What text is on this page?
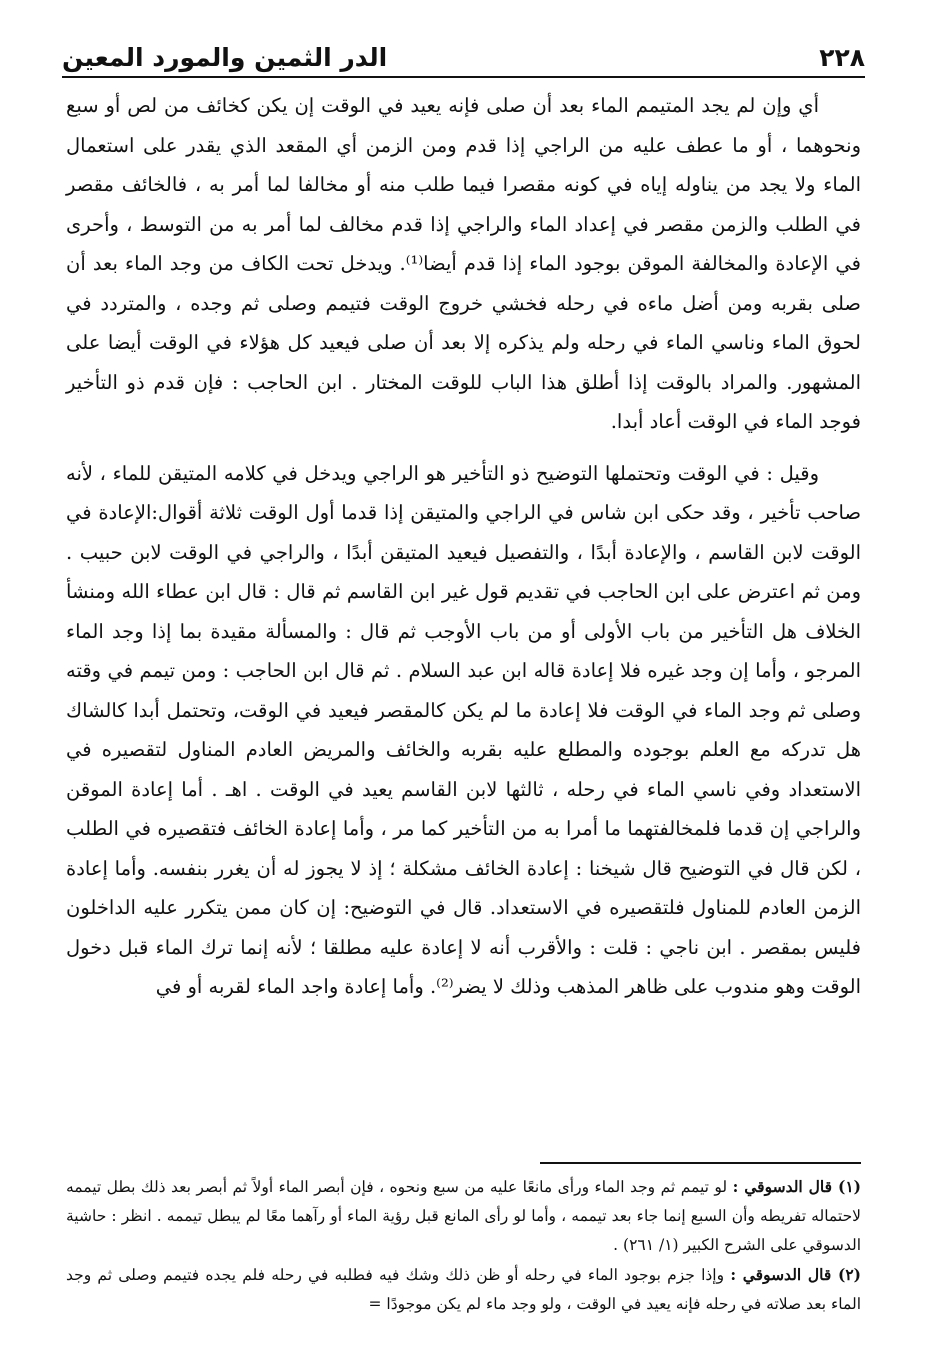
الدر الثمين والمورد المعين	٢٢٨

أي وإن لم يجد المتيمم الماء بعد أن صلى فإنه يعيد في الوقت إن يكن كخائف من لص أو سبع ونحوهما ، أو ما عطف عليه من الراجي إذا قدم ومن الزمن أي المقعد الذي يقدر على استعمال الماء ولا يجد من يناوله إياه في كونه مقصرا فيما طلب منه أو مخالفا لما أمر به ، فالخائف مقصر في الطلب والزمن مقصر في إعداد الماء والراجي إذا قدم مخالف لما أمر به من التوسط ، وأحرى في الإعادة والمخالفة الموقن بوجود الماء إذا قدم أيضا⁽¹⁾. ويدخل تحت الكاف من وجد الماء بعد أن صلى بقربه ومن أضل ماءه في رحله فخشي خروج الوقت فتيمم وصلى ثم وجده ، والمتردد في لحوق الماء وناسي الماء في رحله ولم يذكره إلا بعد أن صلى فيعيد كل هؤلاء في الوقت أيضا على المشهور. والمراد بالوقت إذا أطلق هذا الباب للوقت المختار . ابن الحاجب : فإن قدم ذو التأخير فوجد الماء في الوقت أعاد أبدا.

وقيل : في الوقت وتحتملها التوضيح ذو التأخير هو الراجي ويدخل في كلامه المتيقن للماء ، لأنه صاحب تأخير ، وقد حكى ابن شاس في الراجي والمتيقن إذا قدما أول الوقت ثلاثة أقوال:الإعادة في الوقت لابن القاسم ، والإعادة أبدًا ، والتفصيل فيعيد المتيقن أبدًا ، والراجي في الوقت لابن حبيب . ومن ثم اعترض على ابن الحاجب في تقديم قول غير ابن القاسم ثم قال : قال ابن عطاء الله ومنشأ الخلاف هل التأخير من باب الأولى أو من باب الأوجب ثم قال : والمسألة مقيدة بما إذا وجد الماء المرجو ، وأما إن وجد غيره فلا إعادة قاله ابن عبد السلام . ثم قال ابن الحاجب : ومن تيمم في وقته وصلى ثم وجد الماء في الوقت فلا إعادة ما لم يكن كالمقصر فيعيد في الوقت، وتحتمل أبدا كالشاك هل تدركه مع العلم بوجوده والمطلع عليه بقربه والخائف والمريض العادم المناول لتقصيره في الاستعداد وفي ناسي الماء في رحله ، ثالثها لابن القاسم يعيد في الوقت . اهـ . أما إعادة الموقن والراجي إن قدما فلمخالفتهما ما أمرا به من التأخير كما مر ، وأما إعادة الخائف فتقصيره في الطلب ، لكن قال في التوضيح قال شيخنا : إعادة الخائف مشكلة ؛ إذ لا يجوز له أن يغرر بنفسه. وأما إعادة الزمن العادم للمناول فلتقصيره في الاستعداد. قال في التوضيح: إن كان ممن يتكرر عليه الداخلون فليس بمقصر . ابن ناجي : قلت : والأقرب أنه لا إعادة عليه مطلقا ؛ لأنه إنما ترك الماء قبل دخول الوقت وهو مندوب على ظاهر المذهب وذلك لا يضر⁽²⁾. وأما إعادة واجد الماء لقربه أو في

(١) قال الدسوقي : لو تيمم ثم وجد الماء ورأى مانعًا عليه من سبع ونحوه ، فإن أبصر الماء أولاً ثم أبصر بعد ذلك بطل تيممه لاحتماله تفريطه وأن السبع إنما جاء بعد تيممه ، وأما لو رأى المانع قبل رؤية الماء أو رآهما معًا لم يبطل تيممه . انظر : حاشية الدسوقي على الشرح الكبير (١/ ٢٦١) .

(٢) قال الدسوقي : وإذا جزم بوجود الماء في رحله أو ظن ذلك وشك فيه فطلبه في رحله فلم يجده فتيمم وصلى ثم وجد الماء بعد صلاته في رحله فإنه يعيد في الوقت ، ولو وجد ماء لم يكن موجودًا =
